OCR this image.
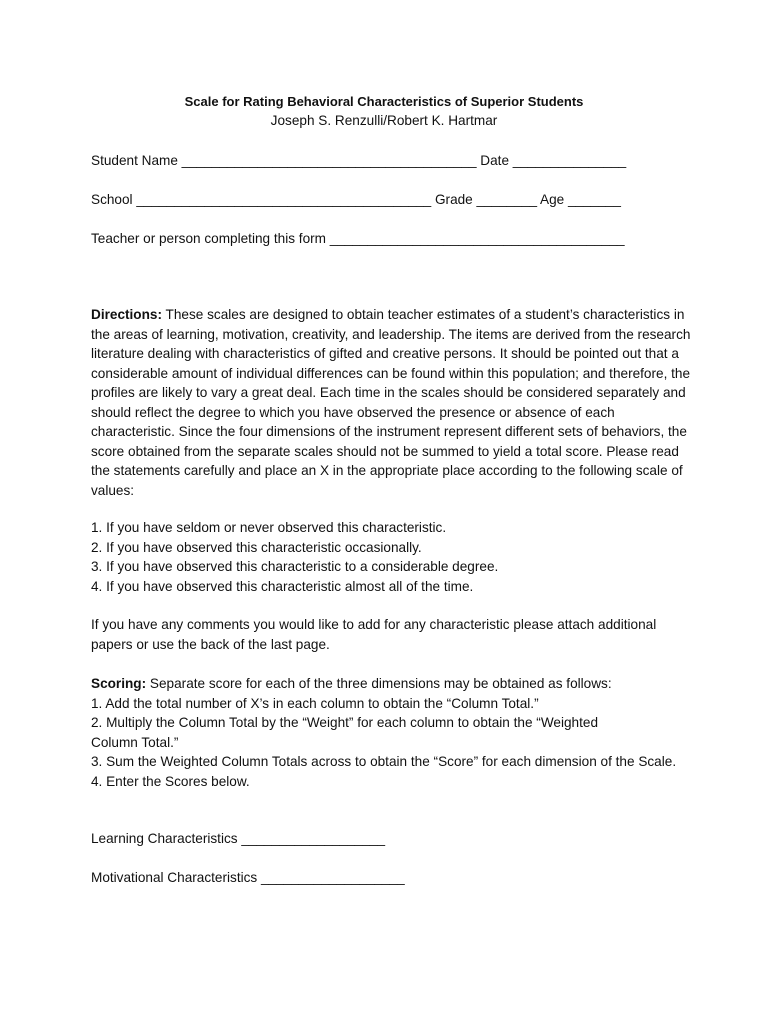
Scale for Rating Behavioral Characteristics of Superior Students
Joseph S. Renzulli/Robert K. Hartmar
Student Name _______________________________________ Date _______________
School _______________________________________ Grade ________ Age _______
Teacher or person completing this form _______________________________________

Directions: These scales are designed to obtain teacher estimates of a student’s characteristics in the areas of learning, motivation, creativity, and leadership. The items are derived from the research literature dealing with characteristics of gifted and creative persons. It should be pointed out that a considerable amount of individual differences can be found within this population; and therefore, the profiles are likely to vary a great deal. Each time in the scales should be considered separately and should reflect the degree to which you have observed the presence or absence of each characteristic. Since the four dimensions of the instrument represent different sets of behaviors, the score obtained from the separate scales should not be summed to yield a total score. Please read the statements carefully and place an X in the appropriate place according to the following scale of values:

1. If you have seldom or never observed this characteristic.
2. If you have observed this characteristic occasionally.
3. If you have observed this characteristic to a considerable degree.
4. If you have observed this characteristic almost all of the time.
If you have any comments you would like to add for any characteristic please attach additional papers or use the back of the last page.
Scoring: Separate score for each of the three dimensions may be obtained as follows:
1. Add the total number of X’s in each column to obtain the “Column Total.”
2. Multiply the Column Total by the “Weight” for each column to obtain the “Weighted Column Total.”
3. Sum the Weighted Column Totals across to obtain the “Score” for each dimension of the Scale.
4. Enter the Scores below.
Learning Characteristics ___________________
Motivational Characteristics ___________________
